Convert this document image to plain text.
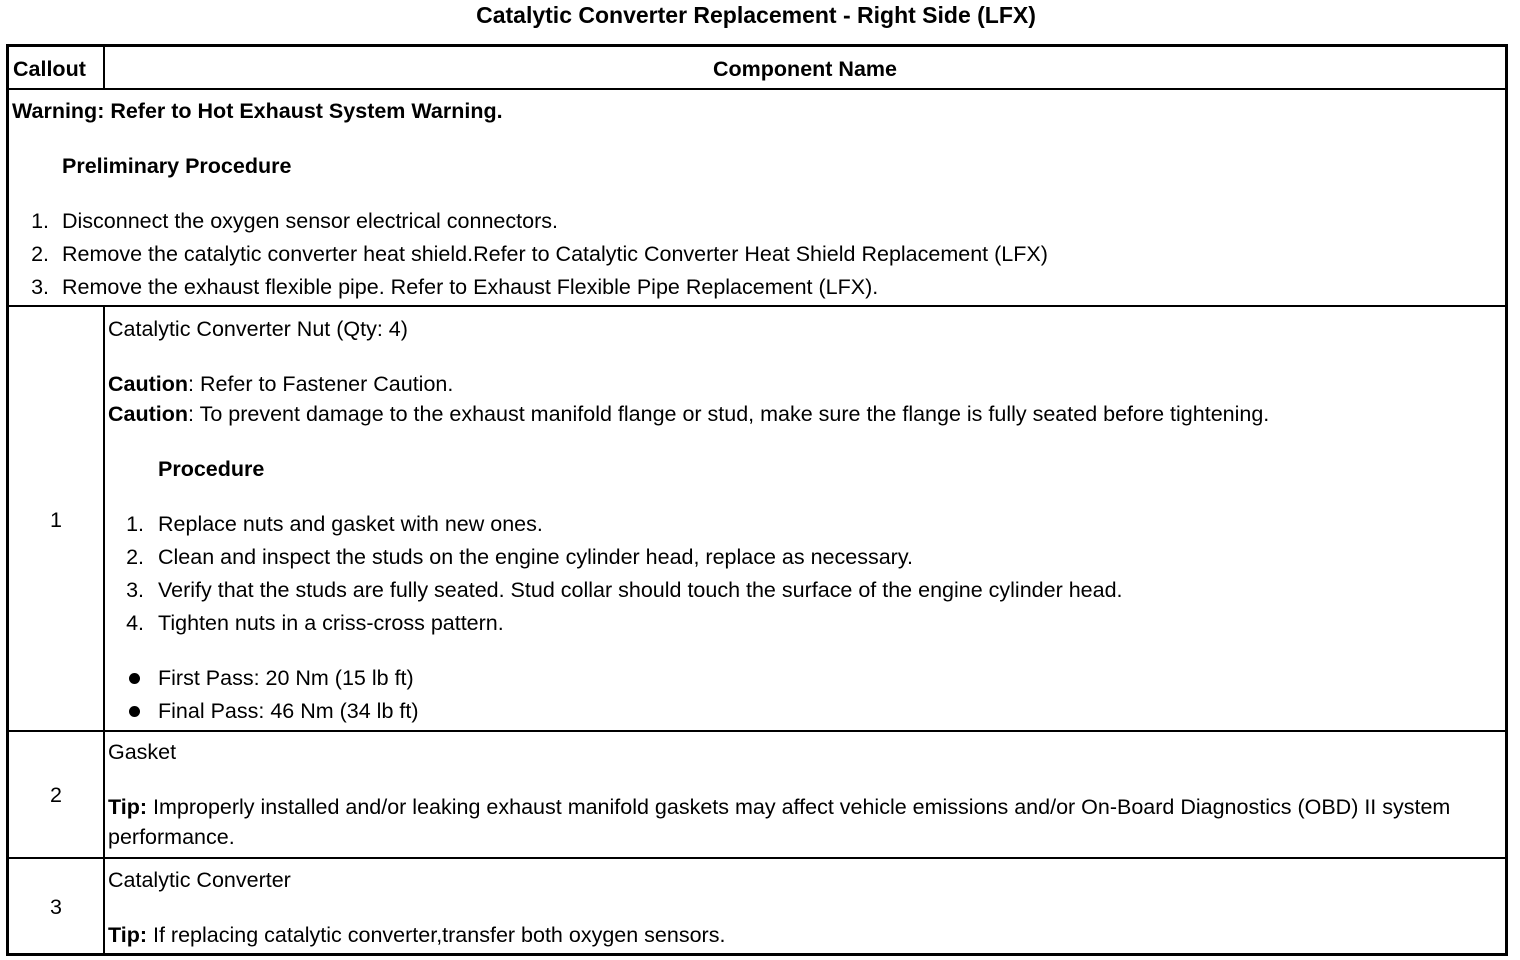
Catalytic Converter Replacement - Right Side (LFX)
Callout	Component Name
Warning: Refer to Hot Exhaust System Warning.
Preliminary Procedure
1. Disconnect the oxygen sensor electrical connectors.
2. Remove the catalytic converter heat shield.Refer to Catalytic Converter Heat Shield Replacement (LFX)
3. Remove the exhaust flexible pipe. Refer to Exhaust Flexible Pipe Replacement (LFX).
1
Catalytic Converter Nut (Qty: 4)
Caution: Refer to Fastener Caution.
Caution: To prevent damage to the exhaust manifold flange or stud, make sure the flange is fully seated before tightening.
Procedure
1. Replace nuts and gasket with new ones.
2. Clean and inspect the studs on the engine cylinder head, replace as necessary.
3. Verify that the studs are fully seated. Stud collar should touch the surface of the engine cylinder head.
4. Tighten nuts in a criss-cross pattern.
First Pass: 20 Nm (15 lb ft)
Final Pass: 46 Nm (34 lb ft)
2
Gasket
Tip: Improperly installed and/or leaking exhaust manifold gaskets may affect vehicle emissions and/or On-Board Diagnostics (OBD) II system performance.
3
Catalytic Converter
Tip: If replacing catalytic converter,transfer both oxygen sensors.
